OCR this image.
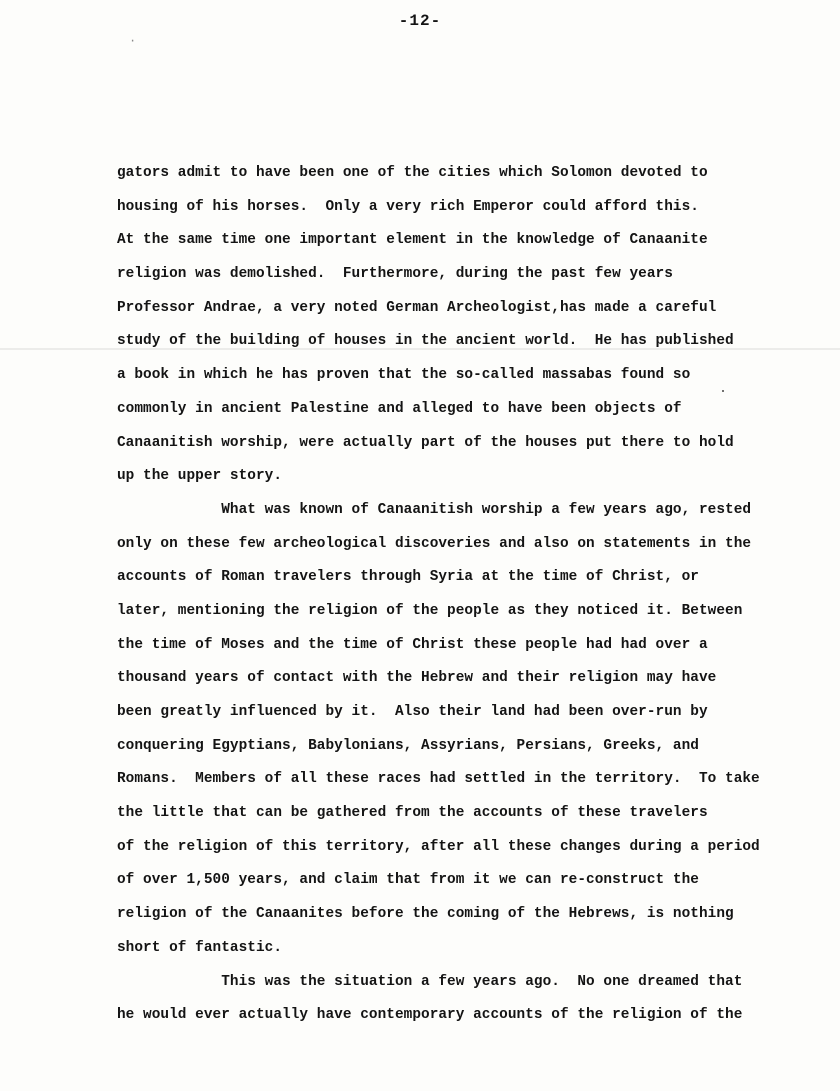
·
-12-
gators admit to have been one of the cities which Solomon devoted to
housing of his horses.  Only a very rich Emperor could afford this.
At the same time one important element in the knowledge of Canaanite
religion was demolished.  Furthermore, during the past few years
Professor Andrae, a very noted German Archeologist,has made a careful
study of the building of houses in the ancient world.  He has published
a book in which he has proven that the so-called massabas found so
commonly in ancient Palestine and alleged to have been objects of
Canaanitish worship, were actually part of the houses put there to hold
up the upper story.
What was known of Canaanitish worship a few years ago, rested
only on these few archeological discoveries and also on statements in the
accounts of Roman travelers through Syria at the time of Christ, or
later, mentioning the religion of the people as they noticed it. Between
the time of Moses and the time of Christ these people had had over a
thousand years of contact with the Hebrew and their religion may have
been greatly influenced by it.  Also their land had been over-run by
conquering Egyptians, Babylonians, Assyrians, Persians, Greeks, and
Romans.  Members of all these races had settled in the territory.  To take
the little that can be gathered from the accounts of these travelers
of the religion of this territory, after all these changes during a period
of over 1,500 years, and claim that from it we can re-construct the
religion of the Canaanites before the coming of the Hebrews, is nothing
short of fantastic.
This was the situation a few years ago.  No one dreamed that
he would ever actually have contemporary accounts of the religion of the
